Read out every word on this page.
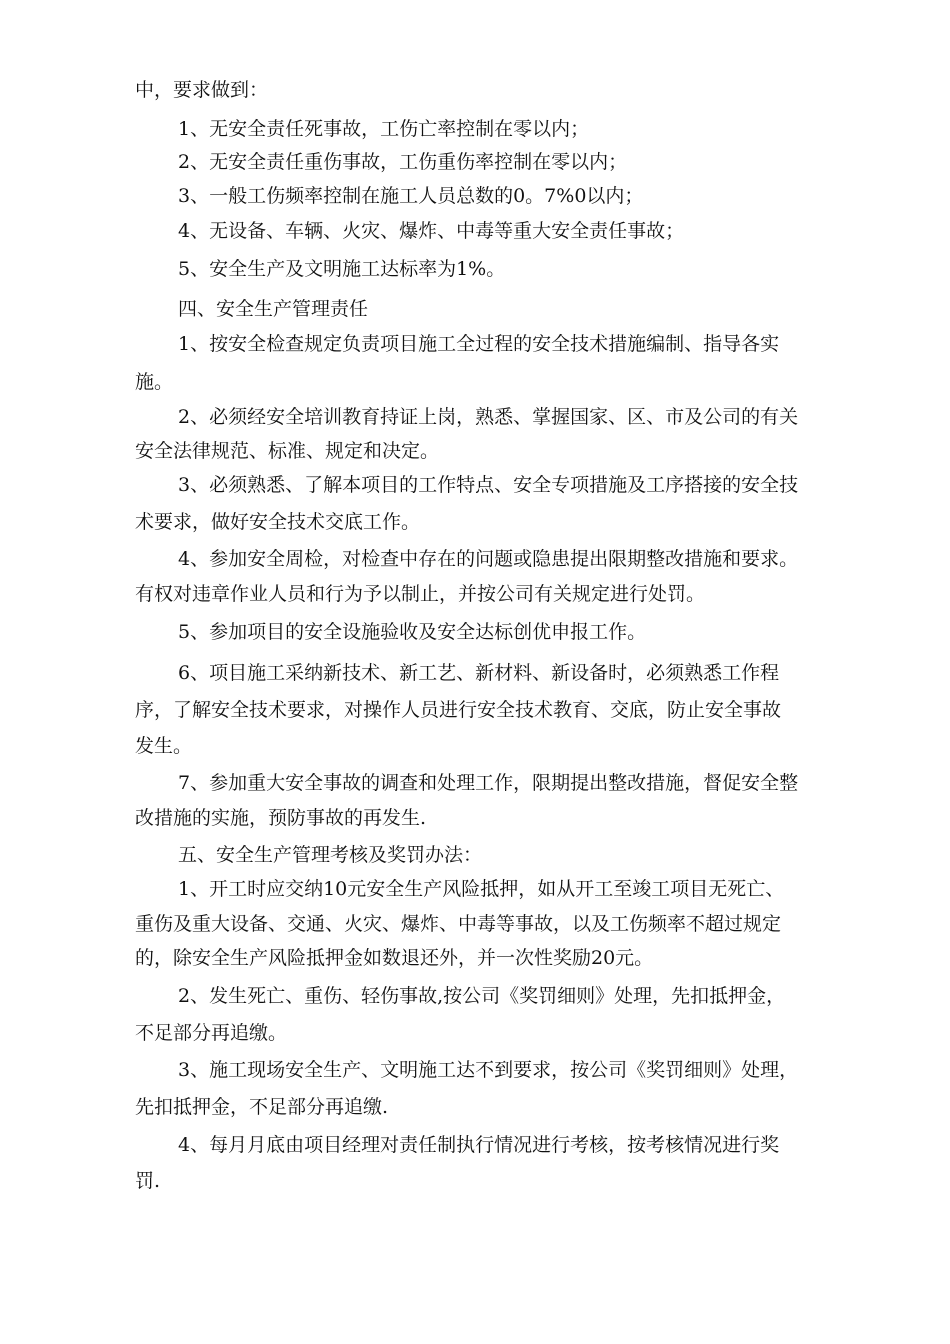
中，要求做到：
1、无安全责任死事故，工伤亡率控制在零以内；
2、无安全责任重伤事故，工伤重伤率控制在零以内；
3、一般工伤频率控制在施工人员总数的0。7%0以内；
4、无设备、车辆、火灾、爆炸、中毒等重大安全责任事故；
5、安全生产及文明施工达标率为1%。
四、安全生产管理责任
1、按安全检查规定负责项目施工全过程的安全技术措施编制、指导各实
施。
2、必须经安全培训教育持证上岗，熟悉、掌握国家、区、市及公司的有关
安全法律规范、标准、规定和决定。
3、必须熟悉、了解本项目的工作特点、安全专项措施及工序搭接的安全技
术要求，做好安全技术交底工作。
4、参加安全周检，对检查中存在的问题或隐患提出限期整改措施和要求。
有权对违章作业人员和行为予以制止，并按公司有关规定进行处罚。
5、参加项目的安全设施验收及安全达标创优申报工作。
6、项目施工采纳新技术、新工艺、新材料、新设备时，必须熟悉工作程
序，了解安全技术要求，对操作人员进行安全技术教育、交底，防止安全事故
发生。
7、参加重大安全事故的调查和处理工作，限期提出整改措施，督促安全整
改措施的实施，预防事故的再发生.
五、安全生产管理考核及奖罚办法：
1、开工时应交纳10元安全生产风险抵押，如从开工至竣工项目无死亡、
重伤及重大设备、交通、火灾、爆炸、中毒等事故，以及工伤频率不超过规定
的，除安全生产风险抵押金如数退还外，并一次性奖励20元。
2、发生死亡、重伤、轻伤事故,按公司《奖罚细则》处理，先扣抵押金，
不足部分再追缴。
3、施工现场安全生产、文明施工达不到要求，按公司《奖罚细则》处理，
先扣抵押金，不足部分再追缴.
4、每月月底由项目经理对责任制执行情况进行考核，按考核情况进行奖
罚.
